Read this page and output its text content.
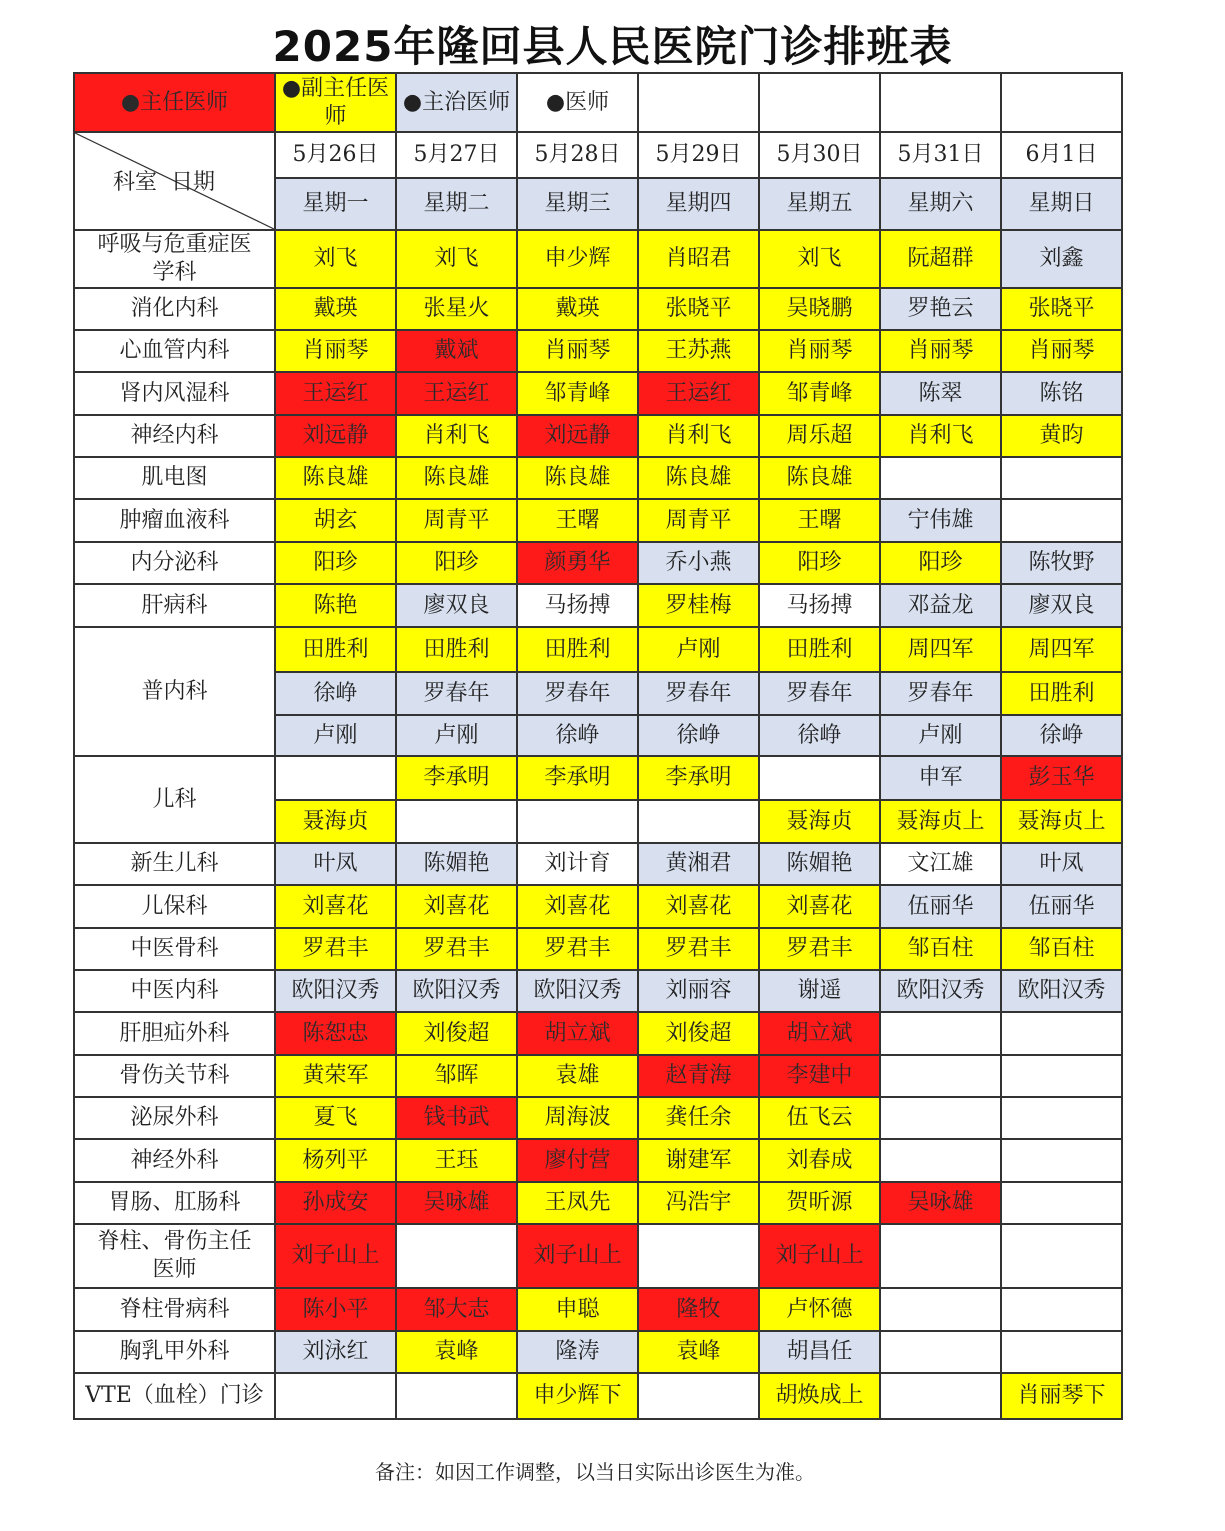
2025年隆回县人民医院门诊排班表
●主任医师	●副主任医师	●主治医师	●医师				

科室  日期	5月26日	5月27日	5月28日	5月29日	5月30日	5月31日	6月1日
	星期一	星期二	星期三	星期四	星期五	星期六	星期日
呼吸与危重症医学科	刘飞	刘飞	申少辉	肖昭君	刘飞	阮超群	刘鑫
消化内科	戴瑛	张星火	戴瑛	张晓平	吴晓鹏	罗艳云	张晓平
心血管内科	肖丽琴	戴斌	肖丽琴	王苏燕	肖丽琴	肖丽琴	肖丽琴
肾内风湿科	王运红	王运红	邹青峰	王运红	邹青峰	陈翠	陈铭
神经内科	刘远静	肖利飞	刘远静	肖利飞	周乐超	肖利飞	黄昀
肌电图	陈良雄	陈良雄	陈良雄	陈良雄	陈良雄		
肿瘤血液科	胡玄	周青平	王曙	周青平	王曙	宁伟雄	
内分泌科	阳珍	阳珍	颜勇华	乔小燕	阳珍	阳珍	陈牧野
肝病科	陈艳	廖双良	马扬搏	罗桂梅	马扬搏	邓益龙	廖双良
普内科	田胜利	田胜利	田胜利	卢刚	田胜利	周四军	周四军
	徐峥	罗春年	罗春年	罗春年	罗春年	罗春年	田胜利
	卢刚	卢刚	徐峥	徐峥	徐峥	卢刚	徐峥
儿科		李承明	李承明	李承明		申军	彭玉华
	聂海贞				聂海贞	聂海贞上	聂海贞上
新生儿科	叶凤	陈媚艳	刘计育	黄湘君	陈媚艳	文江雄	叶凤
儿保科	刘喜花	刘喜花	刘喜花	刘喜花	刘喜花	伍丽华	伍丽华
中医骨科	罗君丰	罗君丰	罗君丰	罗君丰	罗君丰	邹百柱	邹百柱
中医内科	欧阳汉秀	欧阳汉秀	欧阳汉秀	刘丽容	谢遥	欧阳汉秀	欧阳汉秀
肝胆疝外科	陈恕忠	刘俊超	胡立斌	刘俊超	胡立斌		
骨伤关节科	黄荣军	邹晖	袁雄	赵青海	李建中		
泌尿外科	夏飞	钱书武	周海波	龚任余	伍飞云		
神经外科	杨列平	王珏	廖付营	谢建军	刘春成		
胃肠、肛肠科	孙成安	吴咏雄	王凤先	冯浩宇	贺昕源	吴咏雄	
脊柱、骨伤主任医师	刘子山上		刘子山上		刘子山上		
脊柱骨病科	陈小平	邹大志	申聪	隆牧	卢怀德		
胸乳甲外科	刘泳红	袁峰	隆涛	袁峰	胡昌任		
VTE（血栓）门诊			申少辉下		胡焕成上		肖丽琴下
备注：如因工作调整，以当日实际出诊医生为准。
